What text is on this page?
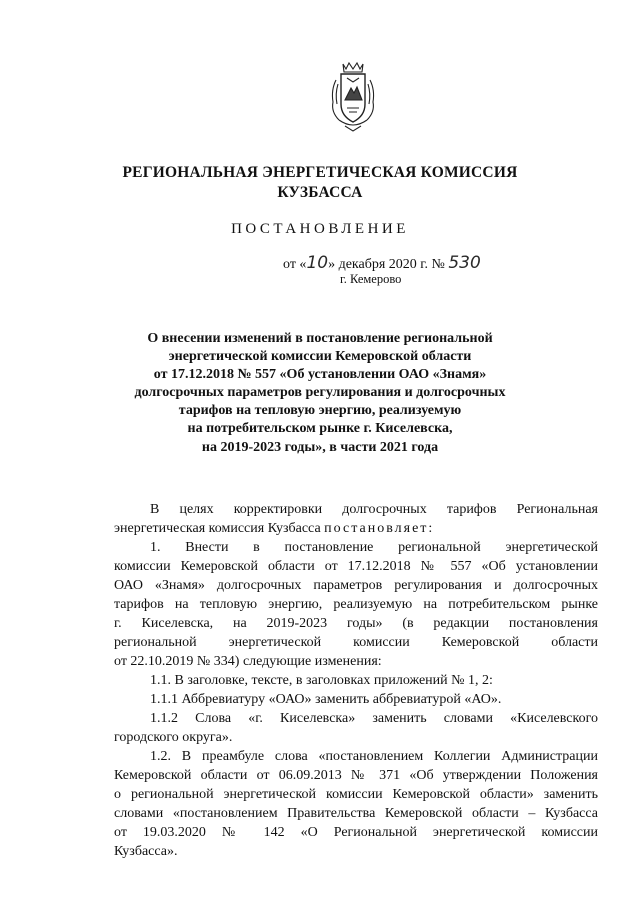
РЕГИОНАЛЬНАЯ ЭНЕРГЕТИЧЕСКАЯ КОМИССИЯ
КУЗБАССА
ПОСТАНОВЛЕНИЕ
от «10» декабря 2020 г. № 530
г. Кемерово
О внесении изменений в постановление региональной
энергетической комиссии Кемеровской области
от 17.12.2018 № 557 «Об установлении ОАО «Знамя»
долгосрочных параметров регулирования и долгосрочных
тарифов на тепловую энергию, реализуемую
на потребительском рынке г. Киселевска,
на 2019-2023 годы», в части 2021 года
В целях корректировки долгосрочных тарифов Региональная
энергетическая комиссия Кузбасса постановляет:
1. Внести в постановление региональной энергетической
комиссии Кемеровской области от 17.12.2018 № 557 «Об установлении
ОАО «Знамя» долгосрочных параметров регулирования и долгосрочных
тарифов на тепловую энергию, реализуемую на потребительском рынке
г. Киселевска, на 2019-2023 годы» (в редакции постановления
региональной энергетической комиссии Кемеровской области
от 22.10.2019 № 334) следующие изменения:
1.1. В заголовке, тексте, в заголовках приложений № 1, 2:
1.1.1 Аббревиатуру «ОАО» заменить аббревиатурой «АО».
1.1.2 Слова «г. Киселевска» заменить словами «Киселевского
городского округа».
1.2. В преамбуле слова «постановлением Коллегии Администрации
Кемеровской области от 06.09.2013 № 371 «Об утверждении Положения
о региональной энергетической комиссии Кемеровской области» заменить
словами «постановлением Правительства Кемеровской области – Кузбасса
от 19.03.2020 № 142 «О Региональной энергетической комиссии
Кузбасса».
